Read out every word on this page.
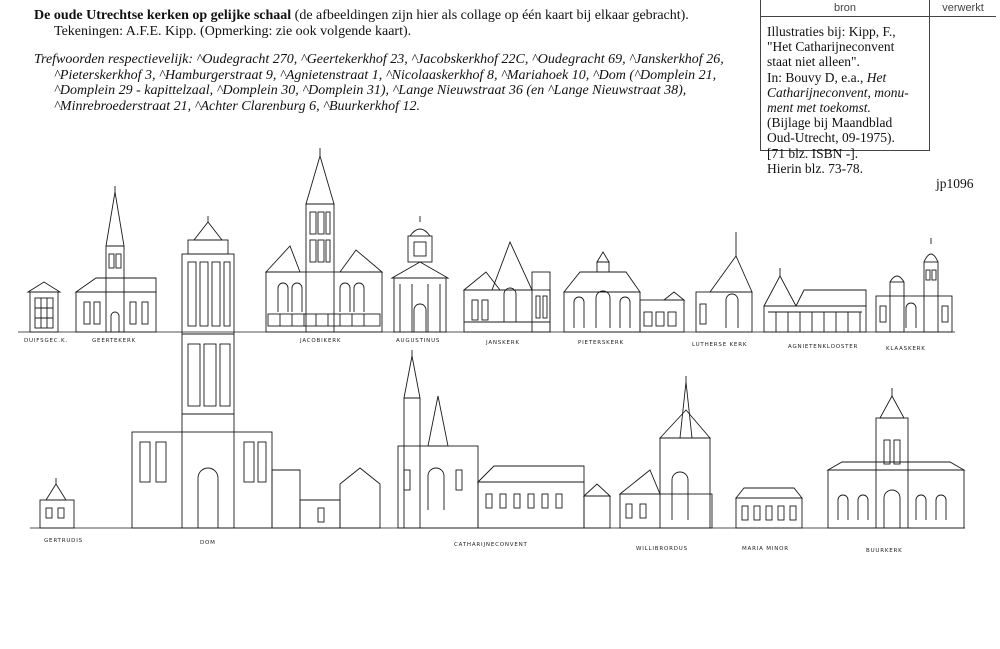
De oude Utrechtse kerken op gelijke schaal (de afbeeldingen zijn hier als collage op één kaart bij elkaar gebracht).
Tekeningen: A.F.E. Kipp. (Opmerking: zie ook volgende kaart).
Trefwoorden respectievelijk: ^Oudegracht 270, ^Geertekerkhof 23, ^Jacobskerkhof 22C, ^Oudegracht 69, ^Janskerkhof 26,
^Pieterskerkhof 3, ^Hamburgerstraat 9, ^Agnietenstraat 1, ^Nicolaaskerkhof 8, ^Mariahoek 10, ^Dom (^Domplein 21,
^Domplein 29 - kapittelzaal, ^Domplein 30, ^Domplein 31), ^Lange Nieuwstraat 36 (en ^Lange Nieuwstraat 38),
^Minrebroederstraat 21, ^Achter Clarenburg 6, ^Buurkerkhof 12.
bron	verwerkt
Illustraties bij: Kipp, F.,
"Het Catharijneconvent
staat niet alleen".
In: Bouvy D, e.a., Het
Catharijneconvent, monu-
ment met toekomst.
(Bijlage bij Maandblad
Oud-Utrecht, 09-1975).
[71 blz. ISBN -].
Hierin blz. 73-78.
jp1096
DUIFSGEC.K.	GEERTEKERK	JACOBIKERK	AUGUSTINUS	JANSKERK	PIETERSKERK	LUTHERSE KERK	AGNIETENKLOOSTER	KLAASKERK
GERTRUDIS	DOM	CATHARIJNECONVENT
WILLIBRORDUS	MARIA MINOR	BUURKERK
